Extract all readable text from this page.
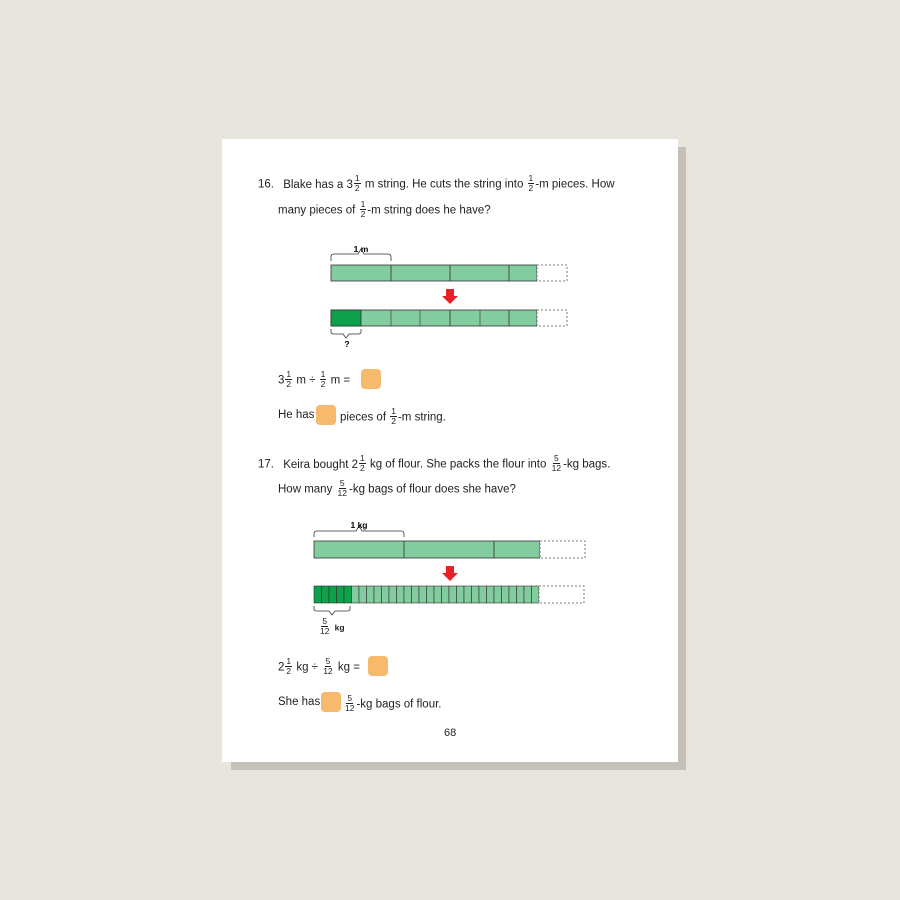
16. Blake has a $3 \frac{1}{2}$ m string. He cuts the string into $\frac{1}{2} -m$ pieces. How
many pieces of $\frac{1}{2} -m$ string does he have?
1 m
?
$3 \frac{1}{2}$ $m \div \frac{1}{2}$ m =
He has pieces of $\frac{1}{2} -m$ string.
17. Keira bought $2 \frac{1}{2}$ kg of flour. She packs the flour into $\frac{5}{12} -kg$ bags.
How many $\frac{5}{12} -kg$ bags of flour does she have?
1 kg
$\frac{5}{12}$ kg
$2 \frac{1}{2}$ kg ÷ $\frac{5}{12}$ kg =
She has	$\frac{5}{12} -kg$ bags of flour.
68
